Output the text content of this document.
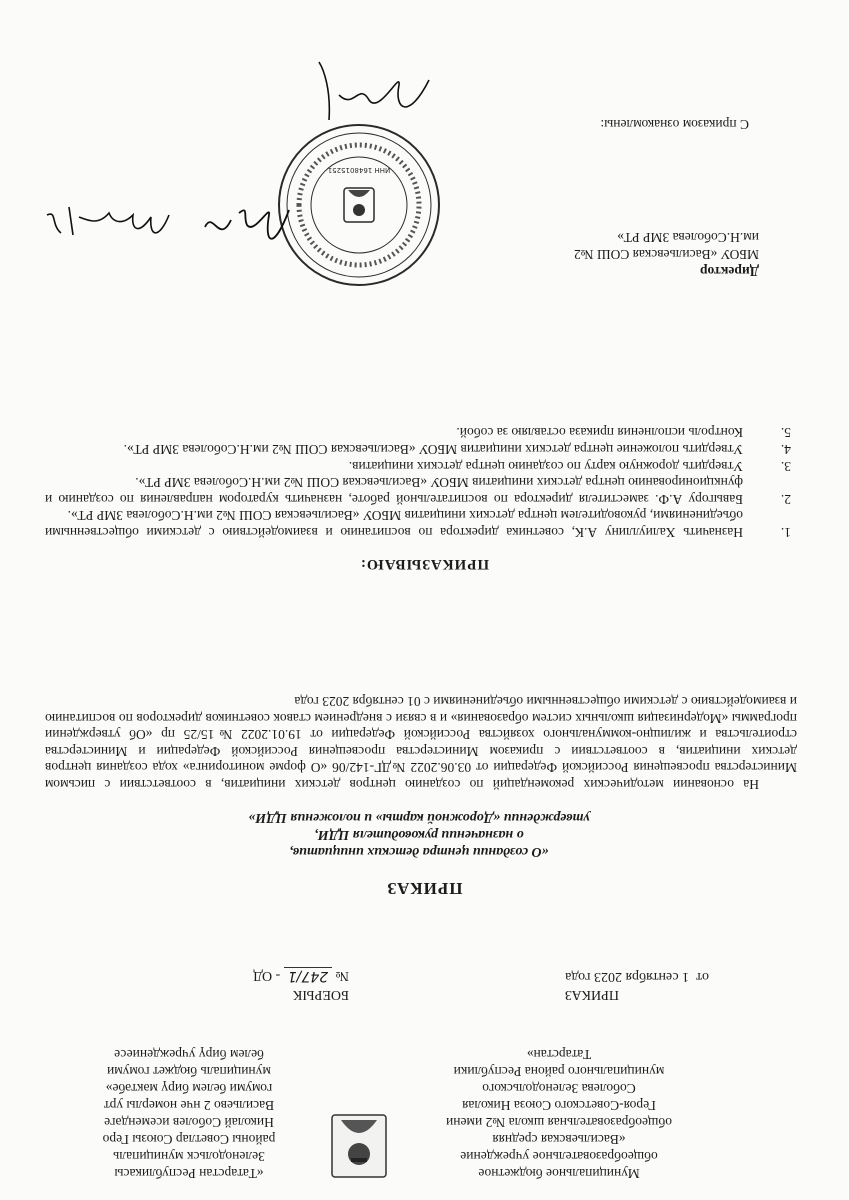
Муниципальное бюджетное
общеобразовательное учреждение
«Васильевская средняя
общеобразовательная школа №2 имени
Героя-Советского Союза Николая
Соболева Зеленодольского
муниципального района Республики
Татарстан»
«Татарстан Республикасы
Зеленодольск муниципаль
районы Советлар Союзы Геро
Николай Соболев исемендәге
Васильево 2 нче номерлы урт
гомуми белем бирү мәктәбе»
муниципаль бюджет гомуми
белем бирү учреждениесе
ПРИКАЗ
от  1 сентября 2023 года
БОЕРЫК
№ 247/1 - ОД
ПРИКАЗ
«О создании центра детских инициатив,
о назначении руководителя ЦДИ,
утверждении «Дорожной карты» и положения ЦДИ»
На основании методических рекомендаций по созданию центров детских инициатив, в соответствии с письмом Министерства просвещения Российской Федерации от 03.06.2022 №ДГ-142/06 «О форме мониторинга» хода создания центров детских инициатив, в соответствии с приказом Министерства просвещения Российской Федерации и Министерства строительства и жилищно-коммунального хозяйства Российской Федерации от 19.01.2022 №15/25 пр «Об утверждении программы «Модернизация школьных систем образования» и в связи с внедрением ставок советников директоров по воспитанию и взаимодействию с детскими общественными объединениями с 01 сентября 2023 года
ПРИКАЗЫВАЮ:
1.
Назначить Халиуллину А.К, советника директора по воспитанию и взаимодействию с детскими общественными объединениями, руководителем центра детских инициатив МБОУ «Васильевская СОШ №2 им.Н.Соболева ЗМР РТ».
2.
Бавыгору А.Ф. заместителя директора по воспитательной работе, назначить куратором направления по созданию и функционированию центра детских инициатив МБОУ «Васильевская СОШ №2 им.Н.Соболева ЗМР РТ».
3.
Утвердить дорожную карту по созданию центра детских инициатив.
4.
Утвердить положение центра детских инициатив МБОУ «Васильевская СОШ №2 им.Н.Соболева ЗМР РТ».
5.
Контроль исполнения приказа оставляю за собой.
Директор
МБОУ «Васильевская СОШ №2
им.Н.Соболева ЗМР РТ»
ИНН 1648015251
С приказом ознакомлены:
